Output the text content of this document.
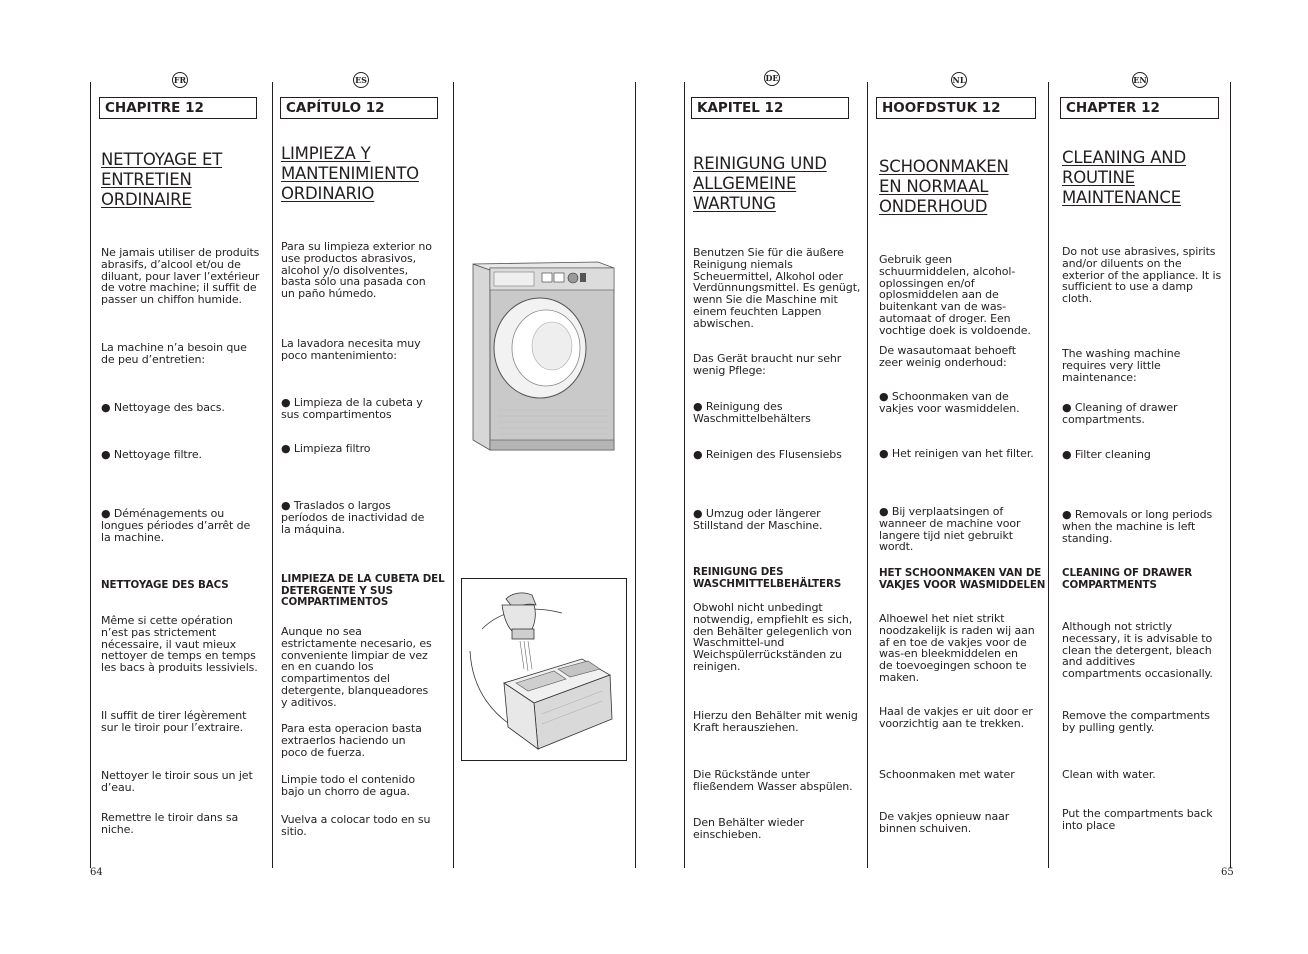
FR
CHAPITRE 12
NETTOYAGE ET
ENTRETIEN
ORDINAIRE
Ne jamais utiliser de produits
abrasifs, d’alcool et/ou de
diluant, pour laver l’extérieur
de votre machine; il suffit de
passer un chiffon humide.
La machine n’a besoin que
de peu d’entretien:
● Nettoyage des bacs.
● Nettoyage filtre.
● Déménagements ou
longues périodes d’arrêt de
la machine.
NETTOYAGE DES BACS
Même si cette opération
n’est pas strictement
nécessaire, il vaut mieux
nettoyer de temps en temps
les bacs à produits lessiviels.
Il suffit de tirer légèrement
sur le tiroir pour l’extraire.
Nettoyer le tiroir sous un jet
d’eau.
Remettre le tiroir dans sa
niche.
ES
CAPÍTULO 12
LIMPIEZA Y
MANTENIMIENTO
ORDINARIO
Para su limpieza exterior no
use productos abrasivos,
alcohol y/o disolventes,
basta sólo una pasada con
un paño húmedo.
La lavadora necesita muy
poco mantenimiento:
● Limpieza de la cubeta y
sus compartimentos
● Limpieza filtro
● Traslados o largos
períodos de inactividad de
la máquina.
LIMPIEZA DE LA CUBETA DEL
DETERGENTE Y SUS
COMPARTIMENTOS
Aunque no sea
estrictamente necesario, es
conveniente limpiar de vez
en en cuando los
compartimentos del
detergente, blanqueadores
y aditivos.
Para esta operacion basta
extraerlos haciendo un
poco de fuerza.
Limpie todo el contenido
bajo un chorro de agua.
Vuelva a colocar todo en su
sitio.
DE
KAPITEL 12
REINIGUNG UND
ALLGEMEINE
WARTUNG
Benutzen Sie für die äußere
Reinigung niemals
Scheuermittel, Alkohol oder
Verdünnungsmittel. Es genügt,
wenn Sie die Maschine mit
einem feuchten Lappen
abwischen.
Das Gerät braucht nur sehr
wenig Pflege:
● Reinigung des
Waschmittelbehälters
● Reinigen des Flusensiebs
● Umzug oder längerer
Stillstand der Maschine.
REINIGUNG DES
WASCHMITTELBEHÄLTERS
Obwohl nicht unbedingt
notwendig, empfiehlt es sich,
den Behälter gelegenlich von
Waschmittel-und
Weichspülerrückständen zu
reinigen.
Hierzu den Behälter mit wenig
Kraft herausziehen.
Die Rückstände unter
fließendem Wasser abspülen.
Den Behälter wieder
einschieben.
NL
HOOFDSTUK 12
SCHOONMAKEN
EN NORMAAL
ONDERHOUD
Gebruik geen
schuurmiddelen, alcohol-
oplossingen en/of
oplosmiddelen aan de
buitenkant van de was-
automaat of droger. Een
vochtige doek is voldoende.
De wasautomaat behoeft
zeer weinig onderhoud:
● Schoonmaken van de
vakjes voor wasmiddelen.
● Het reinigen van het filter.
● Bij verplaatsingen of
wanneer de machine voor
langere tijd niet gebruikt
wordt.
HET SCHOONMAKEN VAN DE
VAKJES VOOR WASMIDDELEN
Alhoewel het niet strikt
noodzakelijk is raden wij aan
af en toe de vakjes voor de
was-en bleekmiddelen en
de toevoegingen schoon te
maken.
Haal de vakjes er uit door er
voorzichtig aan te trekken.
Schoonmaken met water
De vakjes opnieuw naar
binnen schuiven.
EN
CHAPTER 12
CLEANING AND
ROUTINE
MAINTENANCE
Do not use abrasives, spirits
and/or diluents on the
exterior of the appliance. It is
sufficient to use a damp
cloth.
The washing machine
requires very little
maintenance:
● Cleaning of drawer
compartments.
● Filter cleaning
● Removals or long periods
when the machine is left
standing.
CLEANING OF DRAWER
COMPARTMENTS
Although not strictly
necessary, it is advisable to
clean the detergent, bleach
and additives
compartments occasionally.
Remove the compartments
by pulling gently.
Clean with water.
Put the compartments back
into place
64	65
